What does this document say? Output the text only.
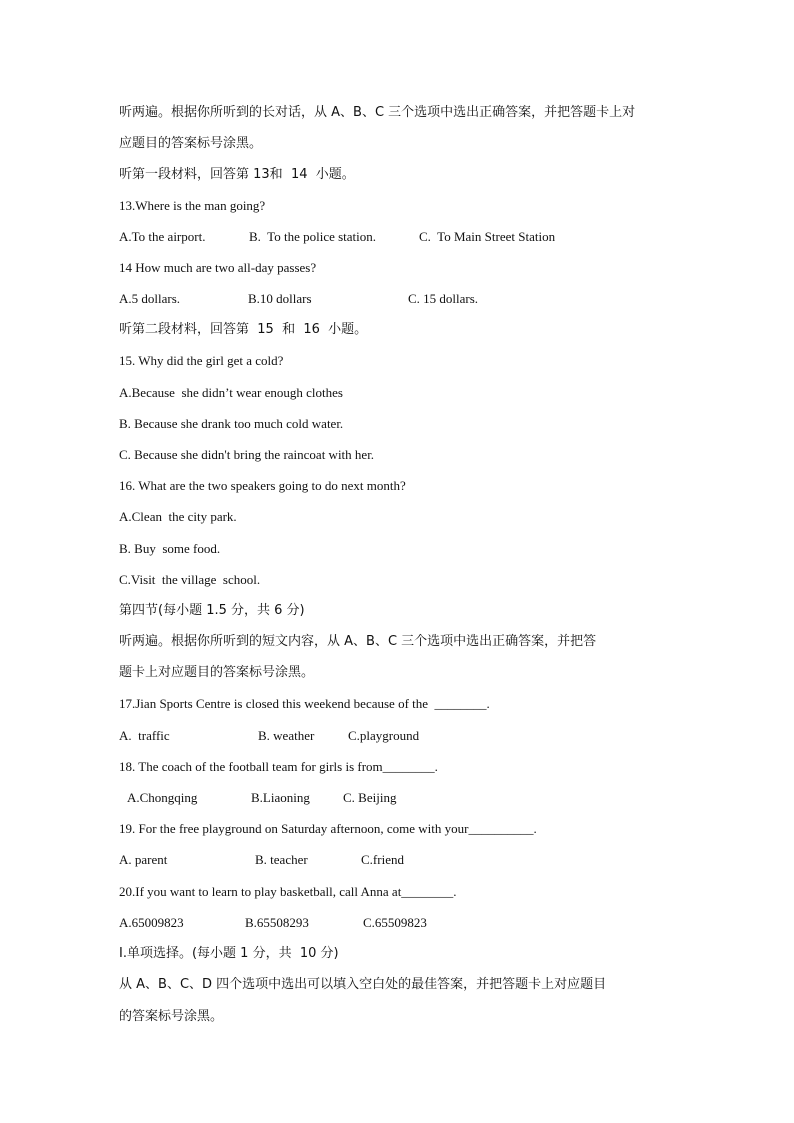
听两遍。根据你所听到的长对话，从 A、B、C 三个选项中选出正确答案，并把答题卡上对
应题目的答案标号涂黑。
听第一段材料，回答第 13和  14  小题。
13.Where is the man going?
A.To the airport.	B.  To the police station.	C.  To Main Street Station
14 How much are two all-day passes?
A.5 dollars.	B.10 dollars	C. 15 dollars.
听第二段材料，回答第  15  和  16  小题。
15. Why did the girl get a cold?
A.Because  she didn’t wear enough clothes
B. Because she drank too much cold water.
C. Because she didn't bring the raincoat with her.
16. What are the two speakers going to do next month?
A.Clean  the city park.
B. Buy  some food.
C.Visit  the village  school.
第四节(每小题 1.5 分，共 6 分)
听两遍。根据你所听到的短文内容，从 A、B、C 三个选项中选出正确答案，并把答
题卡上对应题目的答案标号涂黑。
17.Jian Sports Centre is closed this weekend because of the  ________.
A.  traffic	B. weather	C.playground
18. The coach of the football team for girls is from________.
A.Chongqing	B.Liaoning	C. Beijing
19. For the free playground on Saturday afternoon, come with your__________.
A. parent	B. teacher	C.friend
20.If you want to learn to play basketball, call Anna at________.
A.65009823	B.65508293	C.65509823
I.单项选择。(每小题 1 分，共  10 分)
从 A、B、C、D 四个选项中选出可以填入空白处的最佳答案，并把答题卡上对应题目
的答案标号涂黑。
